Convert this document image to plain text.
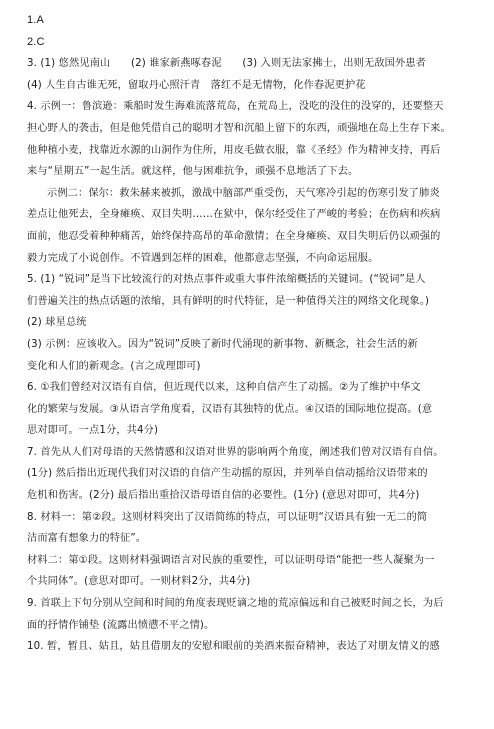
1.A
2.C
3. (1) 悠然见南山　　(2) 谁家新燕啄春泥　　(3) 入则无法家拂士，出则无敌国外患者
(4) 人生自古谁无死，留取丹心照汗青　落红不是无情物，化作春泥更护花
4. 示例一：鲁滨逊：乘船时发生海难流落荒岛，在荒岛上，没吃的没住的没穿的，还要整天
担心野人的袭击，但是他凭借自己的聪明才智和沉船上留下的东西，顽强地在岛上生存下来。
他种植小麦，找靠近水源的山洞作为住所，用皮毛做衣服，靠《圣经》作为精神支持，再后
来与“星期五”一起生活。就这样，他与困难抗争，顽强不息地活了下去。
示例二：保尔：救朱赫来被抓，激战中脑部严重受伤，天气寒冷引起的伤寒引发了肺炎
差点让他死去，全身瘫痪、双目失明……在狱中，保尔经受住了严峻的考验；在伤病和疾病
面前，他忍受着种种痛苦，始终保持高昂的革命激情；在全身瘫痪、双目失明后仍以顽强的
毅力完成了小说创作。不管遇到怎样的困难，他都意志坚强，不向命运屈服。
5. (1) “锐词”是当下比较流行的对热点事件或重大事件浓缩概括的关键词。(“锐词”是人
们普遍关注的热点话题的浓缩，具有鲜明的时代特征，是一种值得关注的网络文化现象。)
(2) 球星总统
(3) 示例：应该收入。因为“锐词”反映了新时代涌现的新事物、新概念，社会生活的新
变化和人们的新观念。(言之成理即可)
6. ①我们曾经对汉语有自信，但近现代以来，这种自信产生了动摇。②为了维护中华文
化的繁荣与发展。③从语言学角度看，汉语有其独特的优点。④汉语的国际地位提高。(意
思对即可。一点1分，共4分)
7. 首先从人们对母语的天然情感和汉语对世界的影响两个角度，阐述我们曾对汉语有自信。
(1分) 然后指出近现代我们对汉语的自信产生动摇的原因，并列举自信动摇给汉语带来的
危机和伤害。(2分) 最后指出重拾汉语母语自信的必要性。(1分) (意思对即可，共4分)
8. 材料一：第②段。这则材料突出了汉语简练的特点，可以证明“汉语具有独一无二的简
洁而富有想象力的特征”。
材料二：第①段。这则材料强调语言对民族的重要性，可以证明母语“能把一些人凝聚为一
个共同体”。(意思对即可。一则材料2分，共4分)
9. 首联上下句分别从空间和时间的角度表现贬谪之地的荒凉偏远和自己被贬时间之长，为后
面的抒情作铺垫 (流露出愤懑不平之情)。
10. 暂，暂且、姑且，姑且借朋友的安慰和眼前的美酒来振奋精神，表达了对朋友情义的感
